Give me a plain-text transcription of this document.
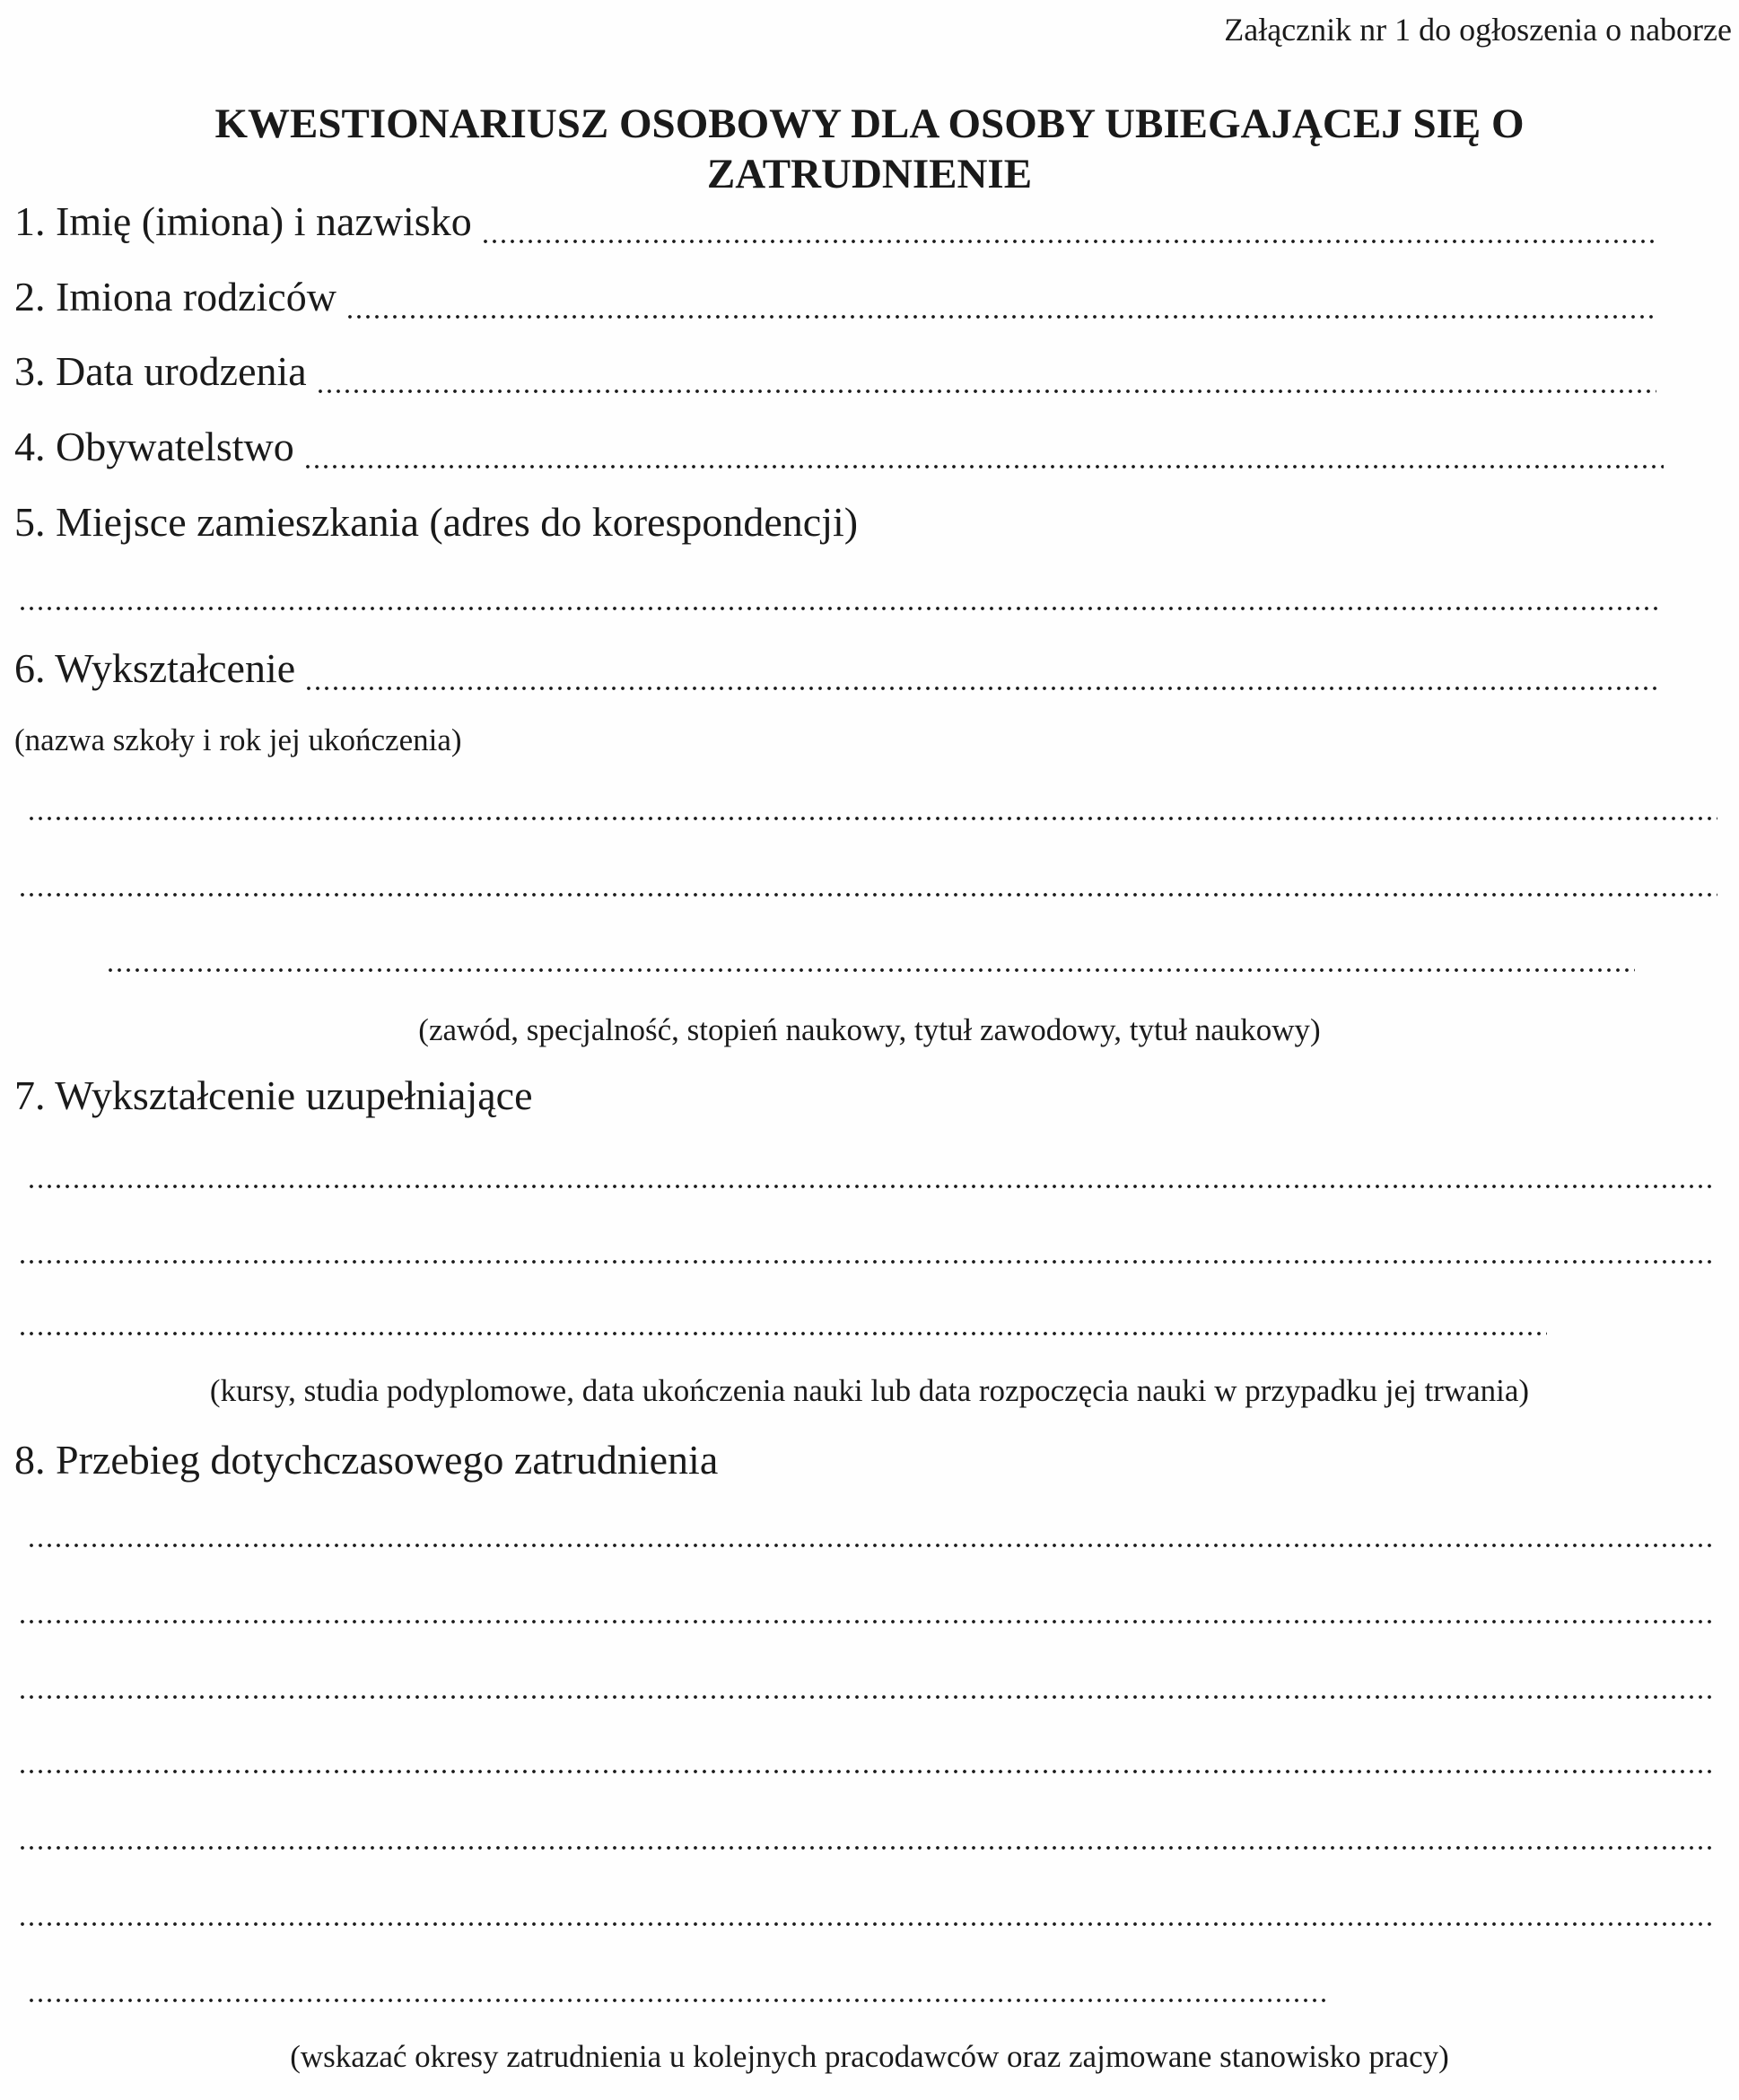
Załącznik nr 1 do ogłoszenia o naborze
KWESTIONARIUSZ OSOBOWY DLA OSOBY UBIEGAJĄCEJ SIĘ O
ZATRUDNIENIE
1. Imię (imiona) i nazwisko
2. Imiona rodziców
3. Data urodzenia
4. Obywatelstwo
5. Miejsce zamieszkania (adres do korespondencji)
6. Wykształcenie
(nazwa szkoły i rok jej ukończenia)
(zawód, specjalność, stopień naukowy, tytuł zawodowy, tytuł naukowy)
7. Wykształcenie uzupełniające
(kursy, studia podyplomowe, data ukończenia nauki lub data rozpoczęcia nauki w przypadku jej trwania)
8. Przebieg dotychczasowego zatrudnienia
(wskazać okresy zatrudnienia u kolejnych pracodawców oraz zajmowane stanowisko pracy)
